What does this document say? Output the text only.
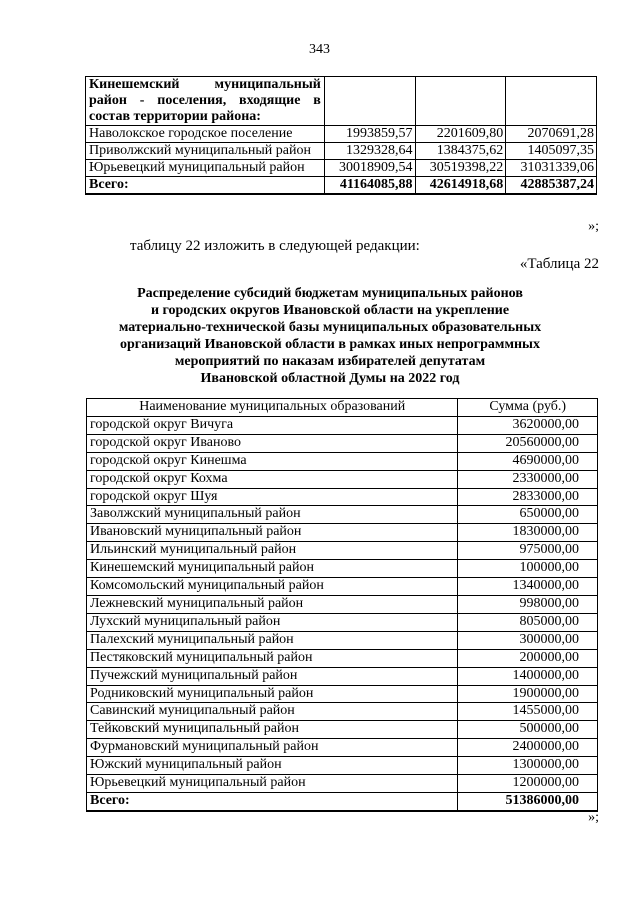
343
Кинешемский муниципальный район - поселения, входящие в состав территории района:			
Наволокское городское поселение	1993859,57	2201609,80	2070691,28
Приволжский муниципальный район	1329328,64	1384375,62	1405097,35
Юрьевецкий муниципальный район	30018909,54	30519398,22	31031339,06
Всего:	41164085,88	42614918,68	42885387,24
»;
таблицу 22 изложить в следующей редакции:
«Таблица 22
Распределение субсидий бюджетам муниципальных районов
и городских округов Ивановской области на укрепление
материально-технической базы муниципальных образовательных
организаций Ивановской области в рамках иных непрограммных
мероприятий по наказам избирателей депутатам
Ивановской областной Думы на 2022 год
Наименование муниципальных образований	Сумма (руб.)
городской округ Вичуга	3620000,00
городской округ Иваново	20560000,00
городской округ Кинешма	4690000,00
городской округ Кохма	2330000,00
городской округ Шуя	2833000,00
Заволжский муниципальный район	650000,00
Ивановский муниципальный район	1830000,00
Ильинский муниципальный район	975000,00
Кинешемский муниципальный район	100000,00
Комсомольский муниципальный район	1340000,00
Лежневский муниципальный район	998000,00
Лухский муниципальный район	805000,00
Палехский муниципальный район	300000,00
Пестяковский муниципальный район	200000,00
Пучежский муниципальный район	1400000,00
Родниковский муниципальный район	1900000,00
Савинский муниципальный район	1455000,00
Тейковский муниципальный район	500000,00
Фурмановский муниципальный район	2400000,00
Южский муниципальный район	1300000,00
Юрьевецкий муниципальный район	1200000,00
Всего:	51386000,00
»;
